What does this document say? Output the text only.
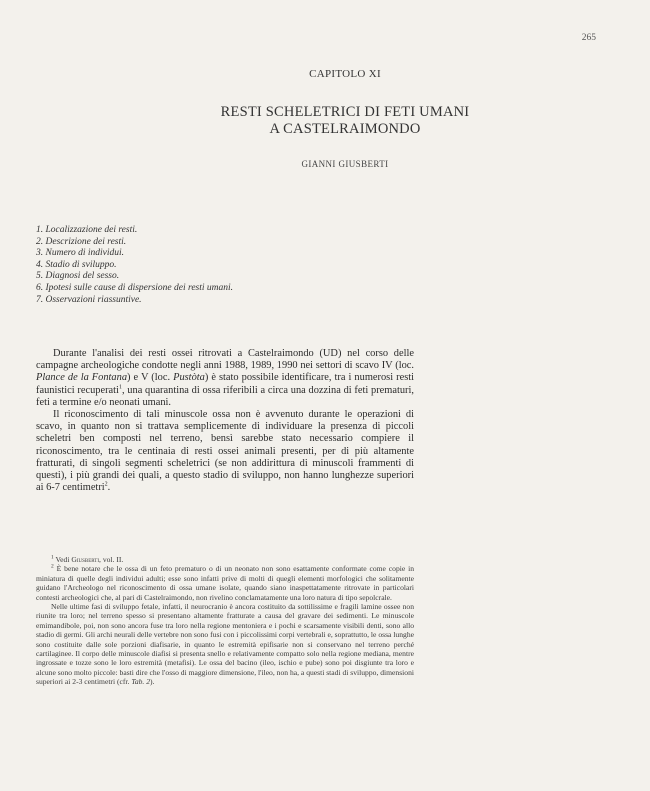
265
CAPITOLO XI
RESTI SCHELETRICI DI FETI UMANI
A CASTELRAIMONDO
GIANNI GIUSBERTI
1. Localizzazione dei resti.
2. Descrizione dei resti.
3. Numero di individui.
4. Stadio di sviluppo.
5. Diagnosi del sesso.
6. Ipotesi sulle cause di dispersione dei resti umani.
7. Osservazioni riassuntive.

Durante l'analisi dei resti ossei ritrovati a Castelraimondo (UD) nel corso delle campagne archeologiche condotte negli anni 1988, 1989, 1990 nei settori di scavo IV (loc. Plance de la Fontana) e V (loc. Pustòta) è stato possibile identificare, tra i numerosi resti faunistici recuperati$^1$, una quarantina di ossa riferibili a circa una dozzina di feti prematuri, feti a termine e/o neonati umani.

Il riconoscimento di tali minuscole ossa non è avvenuto durante le operazioni di scavo, in quanto non si trattava semplicemente di individuare la presenza di piccoli scheletri ben composti nel terreno, bensì sarebbe stato necessario compiere il riconoscimento, tra le centinaia di resti ossei animali presenti, per di più altamente fratturati, di singoli segmenti scheletrici (se non addirittura di minuscoli frammenti di questi), i più grandi dei quali, a questo stadio di sviluppo, non hanno lunghezze superiori ai 6-7 centimetri$^2$.

$^1$ Vedi Giusberti, vol. II.

$^2$ È bene notare che le ossa di un feto prematuro o di un neonato non sono esattamente conformate come copie in miniatura di quelle degli individui adulti; esse sono infatti prive di molti di quegli elementi morfologici che solitamente guidano l'Archeologo nel riconoscimento di ossa umane isolate, quando siano inaspettatamente ritrovate in particolari contesti archeologici che, al pari di Castelraimondo, non rivelino conclamatamente una loro natura di tipo sepolcrale.

Nelle ultime fasi di sviluppo fetale, infatti, il neurocranio è ancora costituito da sottilissime e fragili lamine ossee non riunite tra loro; nel terreno spesso si presentano altamente fratturate a causa del gravare dei sedimenti. Le minuscole emimandibole, poi, non sono ancora fuse tra loro nella regione mentoniera e i pochi e scarsamente visibili denti, sono allo stadio di germi. Gli archi neurali delle vertebre non sono fusi con i piccolissimi corpi vertebrali e, soprattutto, le ossa lunghe sono costituite dalle sole porzioni diafisarie, in quanto le estremità epifisarie non si conservano nel terreno perché cartilaginee. Il corpo delle minuscole diafisi si presenta snello e relativamente compatto solo nella regione mediana, mentre ingrossate e tozze sono le loro estremità (metafisi). Le ossa del bacino (ileo, ischio e pube) sono poi disgiunte tra loro e alcune sono molto piccole: basti dire che l'osso di maggiore dimensione, l'ileo, non ha, a questi stadi di sviluppo, dimensioni superiori ai 2-3 centimetri (cfr. Tab. 2).
